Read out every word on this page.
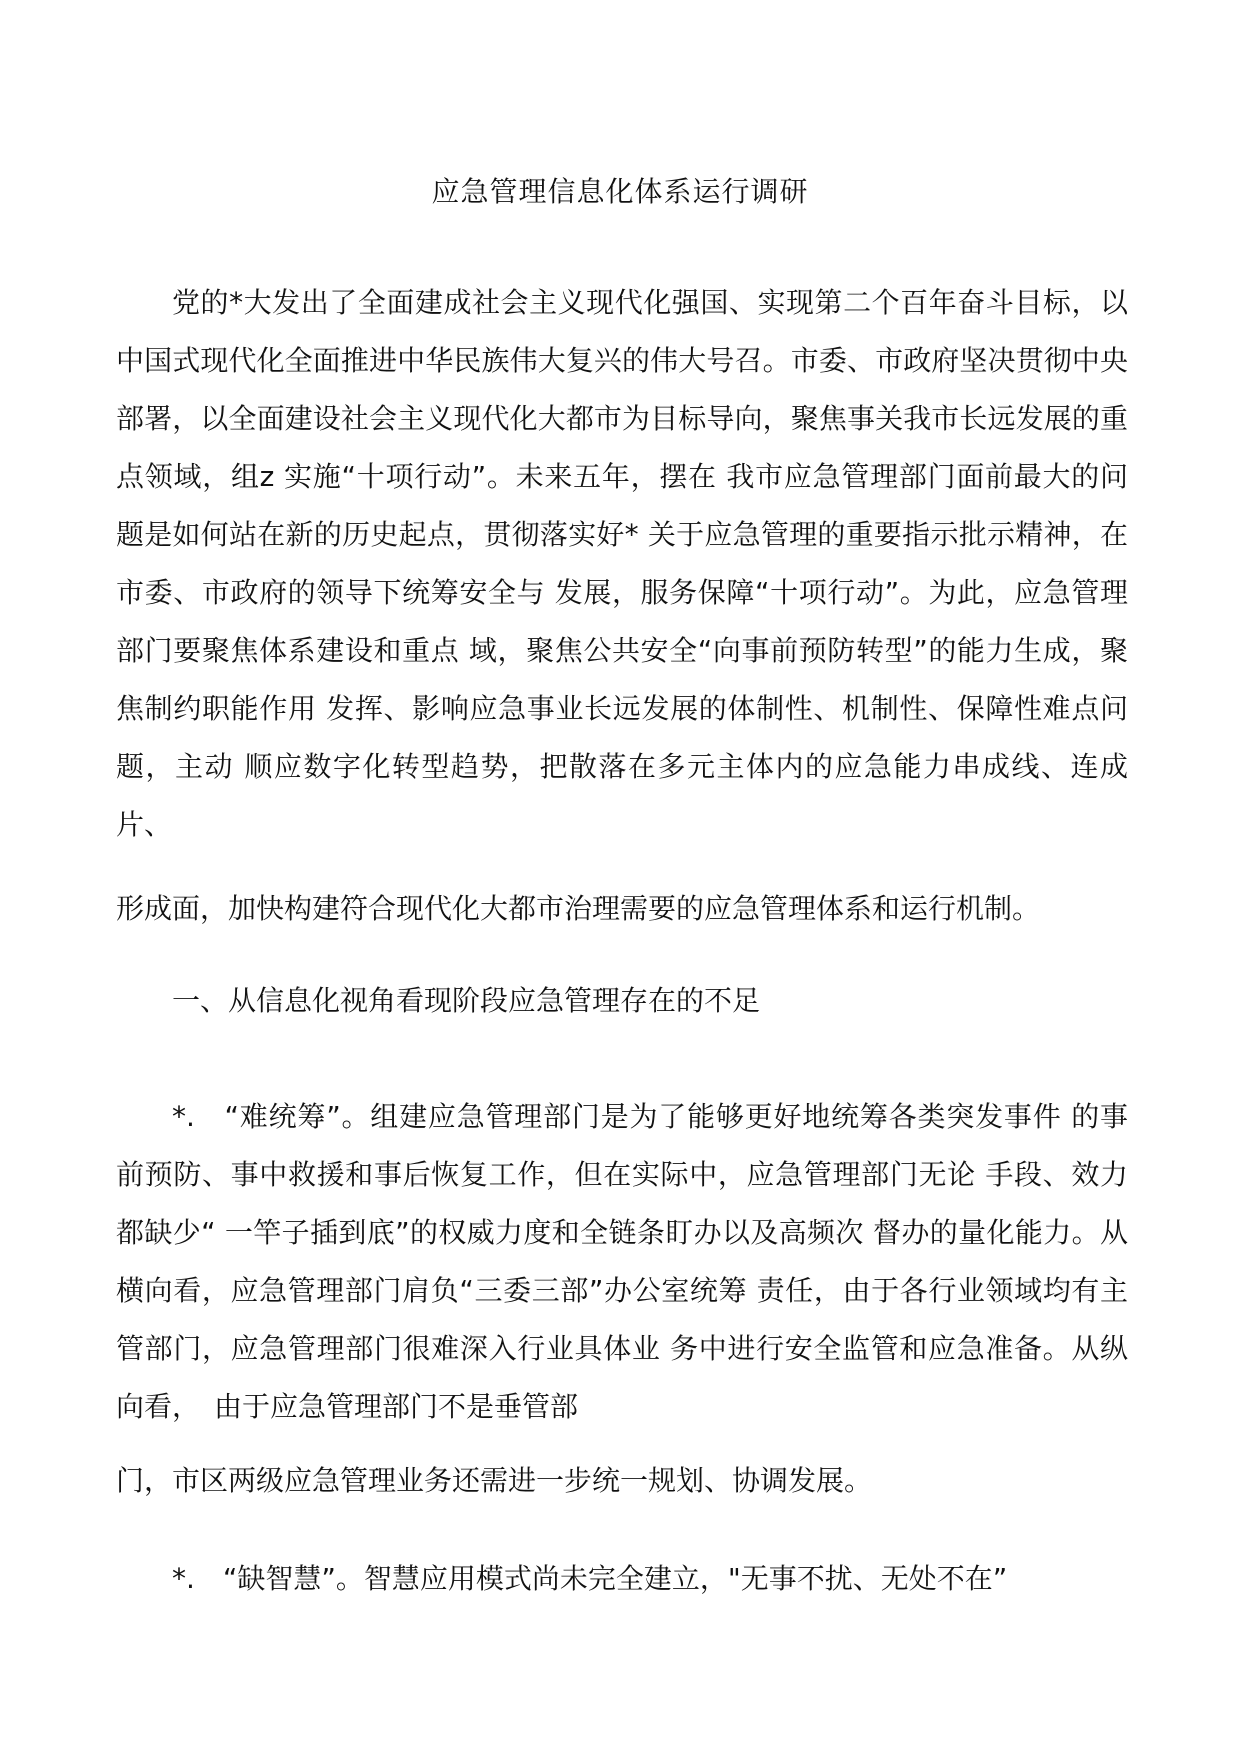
应急管理信息化体系运行调研

党的*大发出了全面建成社会主义现代化强国、实现第二个百年奋斗目标，以中国式现代化全面推进中华民族伟大复兴的伟大号召。市委、市政府坚决贯彻中央部署，以全面建设社会主义现代化大都市为目标导向，聚焦事关我市长远发展的重点领域，组z 实施“十项行动”。未来五年，摆在 我市应急管理部门面前最大的问题是如何站在新的历史起点，贯彻落实好* 关于应急管理的重要指示批示精神，在市委、市政府的领导下统筹安全与 发展，服务保障“十项行动”。为此，应急管理部门要聚焦体系建设和重点 域，聚焦公共安全“向事前预防转型”的能力生成，聚焦制约职能作用 发挥、影响应急事业长远发展的体制性、机制性、保障性难点问题，主动 顺应数字化转型趋势，把散落在多元主体内的应急能力串成线、连成片、

形成面，加快构建符合现代化大都市治理需要的应急管理体系和运行机制。

一、从信息化视角看现阶段应急管理存在的不足

*.　“难统筹”。组建应急管理部门是为了能够更好地统筹各类突发事件 的事前预防、事中救援和事后恢复工作，但在实际中，应急管理部门无论 手段、效力都缺少“ 一竿子插到底”的权威力度和全链条盯办以及高频次 督办的量化能力。从横向看，应急管理部门肩负“三委三部”办公室统筹 责任，由于各行业领域均有主管部门，应急管理部门很难深入行业具体业 务中进行安全监管和应急准备。从纵向看，　由于应急管理部门不是垂管部

门，市区两级应急管理业务还需进一步统一规划、协调发展。

*.　“缺智慧”。智慧应用模式尚未完全建立，"无事不扰、无处不在”
